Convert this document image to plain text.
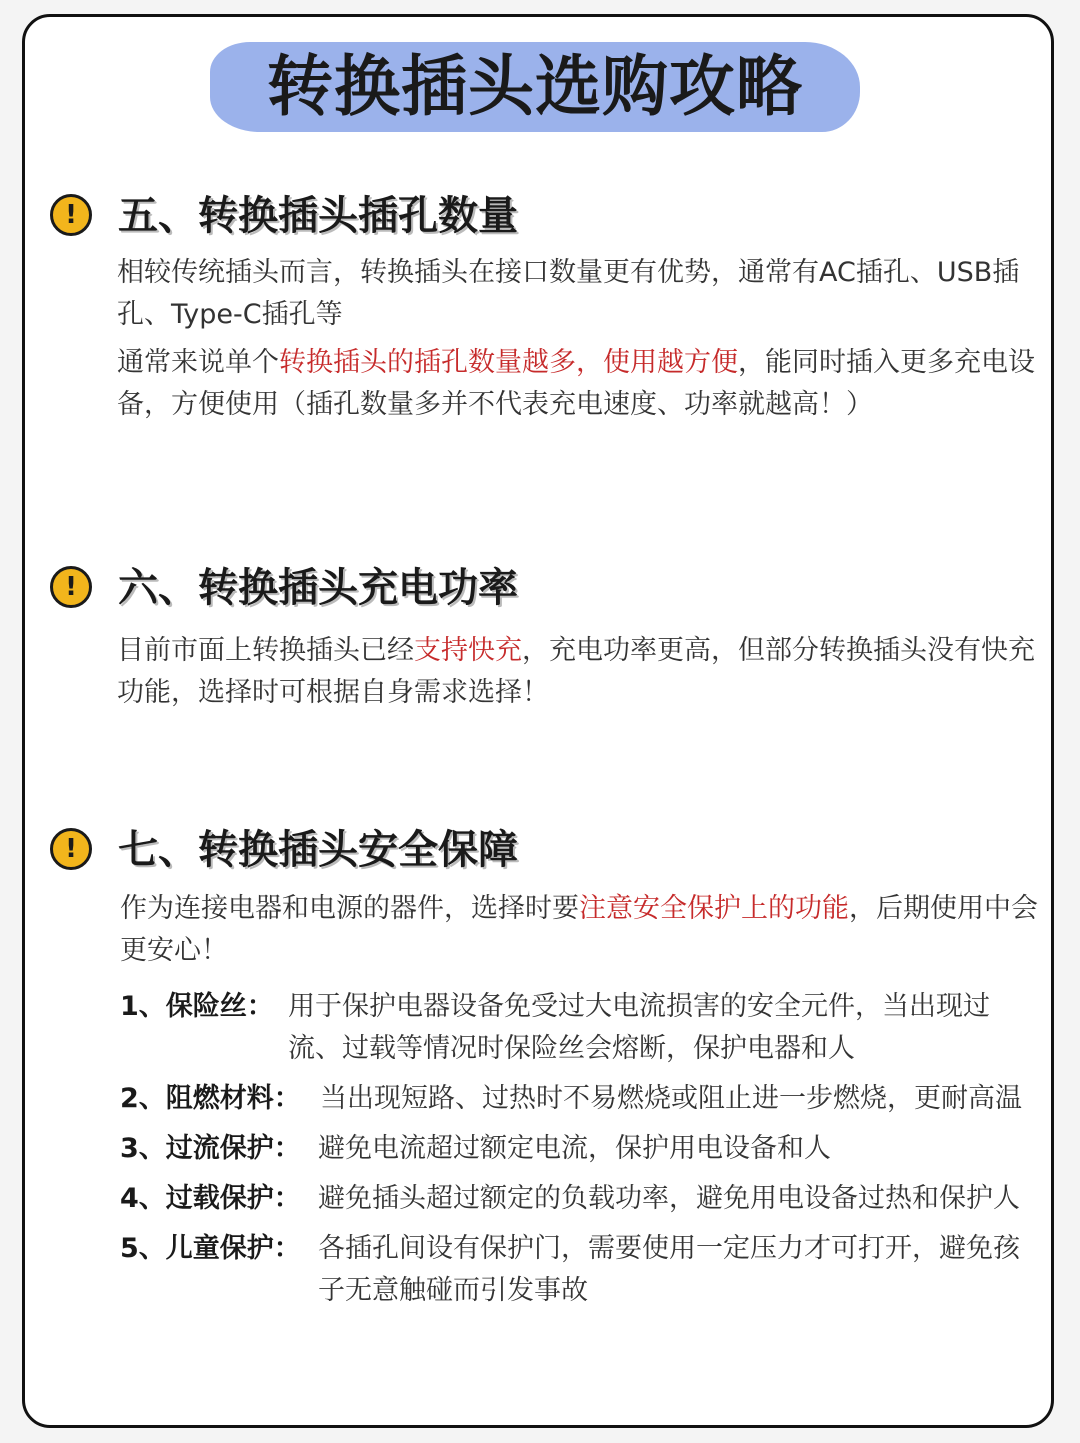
转换插头选购攻略
!	五、转换插头插孔数量

相较传统插头而言，转换插头在接口数量更有优势，通常有AC插孔、USB插孔、Type-C插孔等

通常来说单个转换插头的插孔数量越多，使用越方便，能同时插入更多充电设备，方便使用（插孔数量多并不代表充电速度、功率就越高！）

!	六、转换插头充电功率

目前市面上转换插头已经支持快充，充电功率更高，但部分转换插头没有快充功能，选择时可根据自身需求选择！

!	七、转换插头安全保障

作为连接电器和电源的器件，选择时要注意安全保护上的功能，后期使用中会更安心！

1、保险丝： 用于保护电器设备免受过大电流损害的安全元件，当出现过流、过载等情况时保险丝会熔断，保护电器和人
2、阻燃材料： 当出现短路、过热时不易燃烧或阻止进一步燃烧，更耐高温
3、过流保护： 避免电流超过额定电流，保护用电设备和人
4、过载保护： 避免插头超过额定的负载功率，避免用电设备过热和保护人
5、儿童保护： 各插孔间设有保护门，需要使用一定压力才可打开，避免孩子无意触碰而引发事故
